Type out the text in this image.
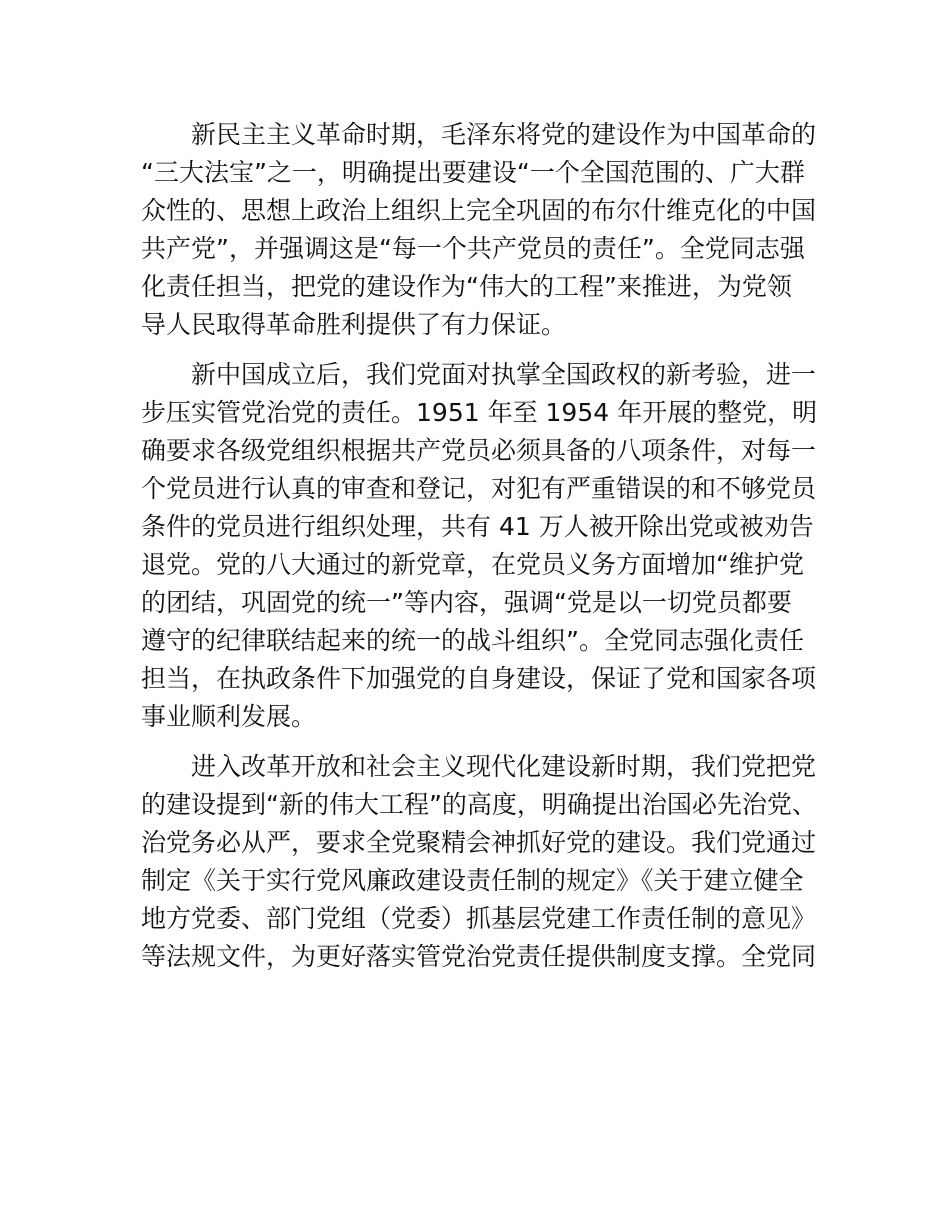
新民主主义革命时期，毛泽东将党的建设作为中国革命的
“三大法宝”之一，明确提出要建设“一个全国范围的、广大群
众性的、思想上政治上组织上完全巩固的布尔什维克化的中国
共产党”，并强调这是“每一个共产党员的责任”。全党同志强
化责任担当，把党的建设作为“伟大的工程”来推进，为党领
导人民取得革命胜利提供了有力保证。

新中国成立后，我们党面对执掌全国政权的新考验，进一
步压实管党治党的责任。1951 年至 1954 年开展的整党，明
确要求各级党组织根据共产党员必须具备的八项条件，对每一
个党员进行认真的审查和登记，对犯有严重错误的和不够党员
条件的党员进行组织处理，共有 41 万人被开除出党或被劝告
退党。党的八大通过的新党章，在党员义务方面增加“维护党
的团结，巩固党的统一”等内容，强调“党是以一切党员都要
遵守的纪律联结起来的统一的战斗组织”。全党同志强化责任
担当，在执政条件下加强党的自身建设，保证了党和国家各项
事业顺利发展。

进入改革开放和社会主义现代化建设新时期，我们党把党
的建设提到“新的伟大工程”的高度，明确提出治国必先治党、
治党务必从严，要求全党聚精会神抓好党的建设。我们党通过
制定《关于实行党风廉政建设责任制的规定》《关于建立健全
地方党委、部门党组（党委）抓基层党建工作责任制的意见》
等法规文件，为更好落实管党治党责任提供制度支撑。全党同
